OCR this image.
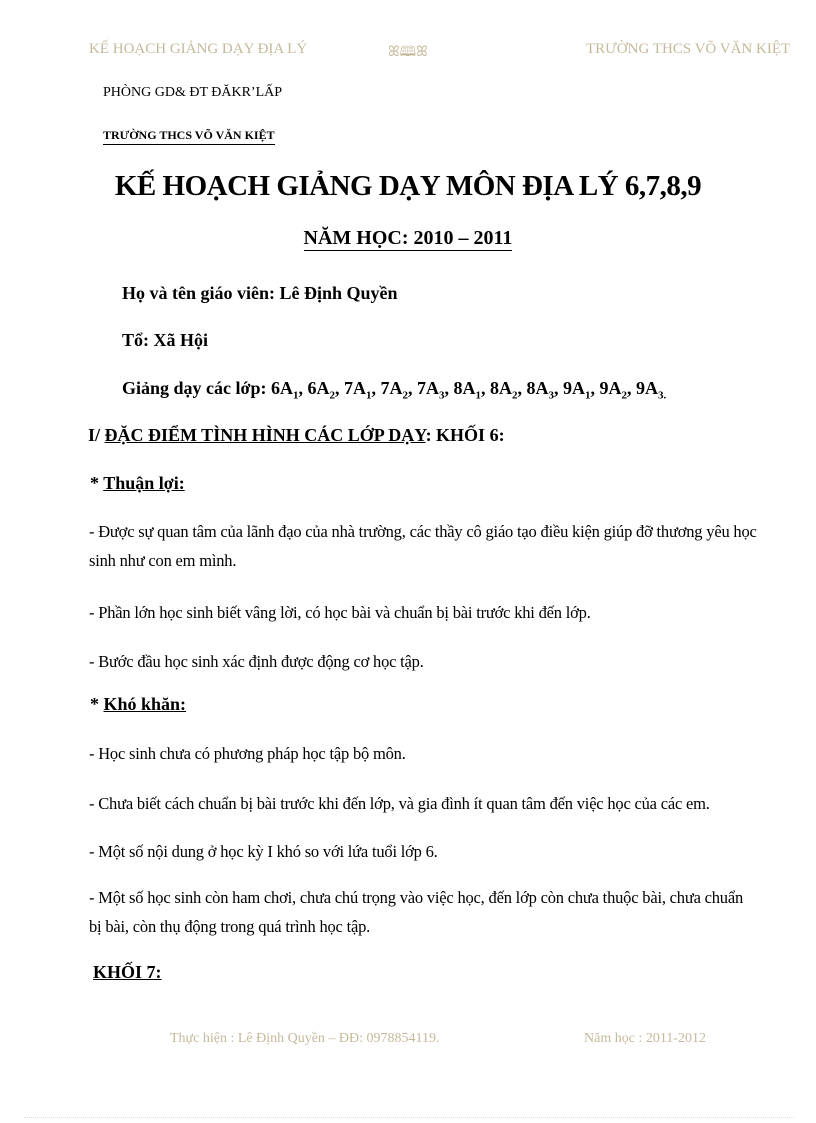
KẾ HOẠCH GIẢNG DẠY ĐỊA LÝ	ꕤ🕮ꕤ	TRƯỜNG THCS VÕ VĂN KIỆT
PHÒNG GD& ĐT ĐĂKR’LẤP
TRƯỜNG THCS VÕ VĂN KIỆT
KẾ HOẠCH GIẢNG DẠY MÔN ĐỊA LÝ 6,7,8,9
NĂM HỌC: 2010 – 2011
Họ và tên giáo viên: Lê Định Quyền
Tổ: Xã Hội
Giảng dạy các lớp: $6A_1$, $6A_2$, $7A_1$, $7A_2$, $7A_3$, $8A_1$, $8A_2$, $8A_3$, $9A_1$, $9A_2$, $9A_{3.}$
I/ ĐẶC ĐIỂM TÌNH HÌNH CÁC LỚP DẠY: KHỐI 6:
* Thuận lợi:
- Được sự quan tâm của lãnh đạo của nhà trường, các thầy cô giáo tạo điều kiện giúp đỡ thương yêu học sinh như con em mình.
- Phần lớn học sinh biết vâng lời, có học bài và chuẩn bị bài trước khi đến lớp.
- Bước đầu học sinh xác định được động cơ học tập.
* Khó khăn:
- Học sinh chưa có phương pháp học tập bộ môn.
- Chưa biết cách chuẩn bị bài trước khi đến lớp, và gia đình ít quan tâm đến việc học của các em.
- Một số nội dung ở học kỳ I khó so với lứa tuổi lớp 6.
- Một số học sinh còn ham chơi, chưa chú trọng vào việc học, đến lớp còn chưa thuộc bài, chưa chuẩn bị bài, còn thụ động trong quá trình học tập.
KHỐI 7:
Thực hiện : Lê Định Quyền – ĐĐ: 0978854119.	Năm học : 2011-2012
